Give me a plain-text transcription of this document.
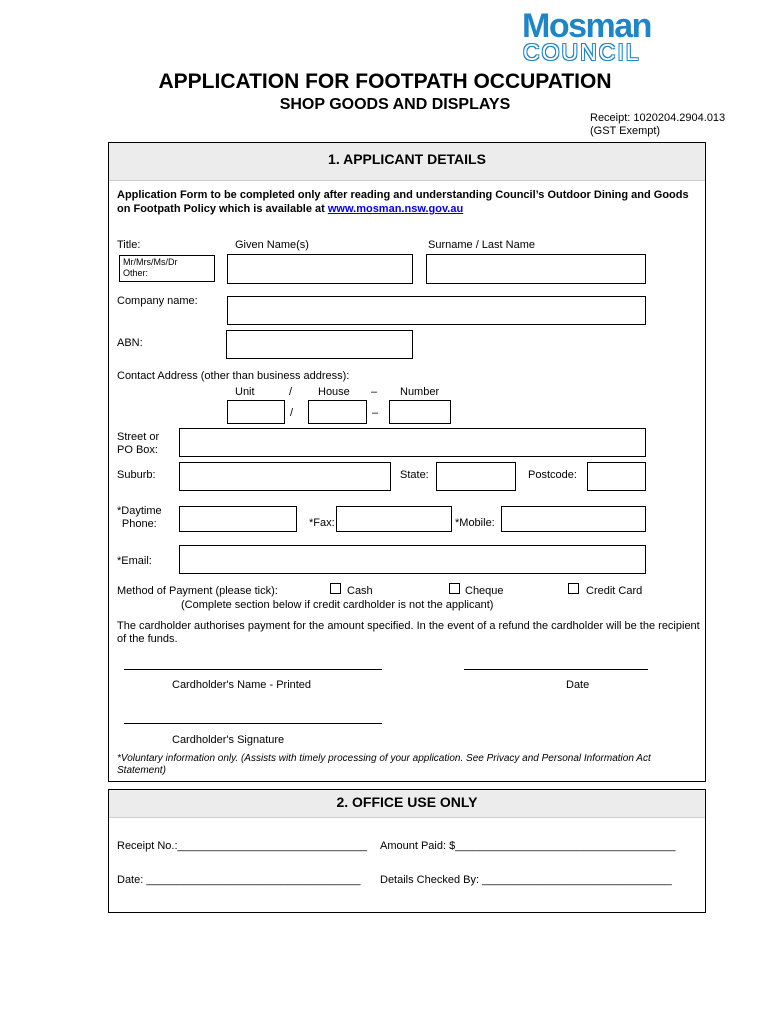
Mosman
COUNCIL
APPLICATION FOR FOOTPATH OCCUPATION
SHOP GOODS AND DISPLAYS
Receipt: 1020204.2904.013
(GST Exempt)
1. APPLICANT DETAILS
Application Form to be completed only after reading and understanding Council’s Outdoor Dining and Goods on Footpath Policy which is available at www.mosman.nsw.gov.au
Title:	Given Name(s)	Surname / Last Name
Mr/Mrs/Ms/Dr
Other:
Company name:
ABN:
Contact Address (other than business address):
Unit	/ House – Number
/	–
Street or
PO Box:
Suburb:	State:	Postcode:
*Daytime
Phone:	*Fax:	*Mobile:
*Email:
Method of Payment (please tick):	Cash	Cheque	Credit Card
(Complete section below if credit cardholder is not the applicant)
The cardholder authorises payment for the amount specified. In the event of a refund the cardholder will be the recipient of the funds.
Cardholder's Name - Printed	Date
Cardholder's Signature
*Voluntary information only. (Assists with timely processing of your application. See Privacy and Personal Information Act Statement)
2. OFFICE USE ONLY
Receipt No.:_______________________________ Amount Paid: $____________________________________
Date: ___________________________________ Details Checked By: _______________________________
